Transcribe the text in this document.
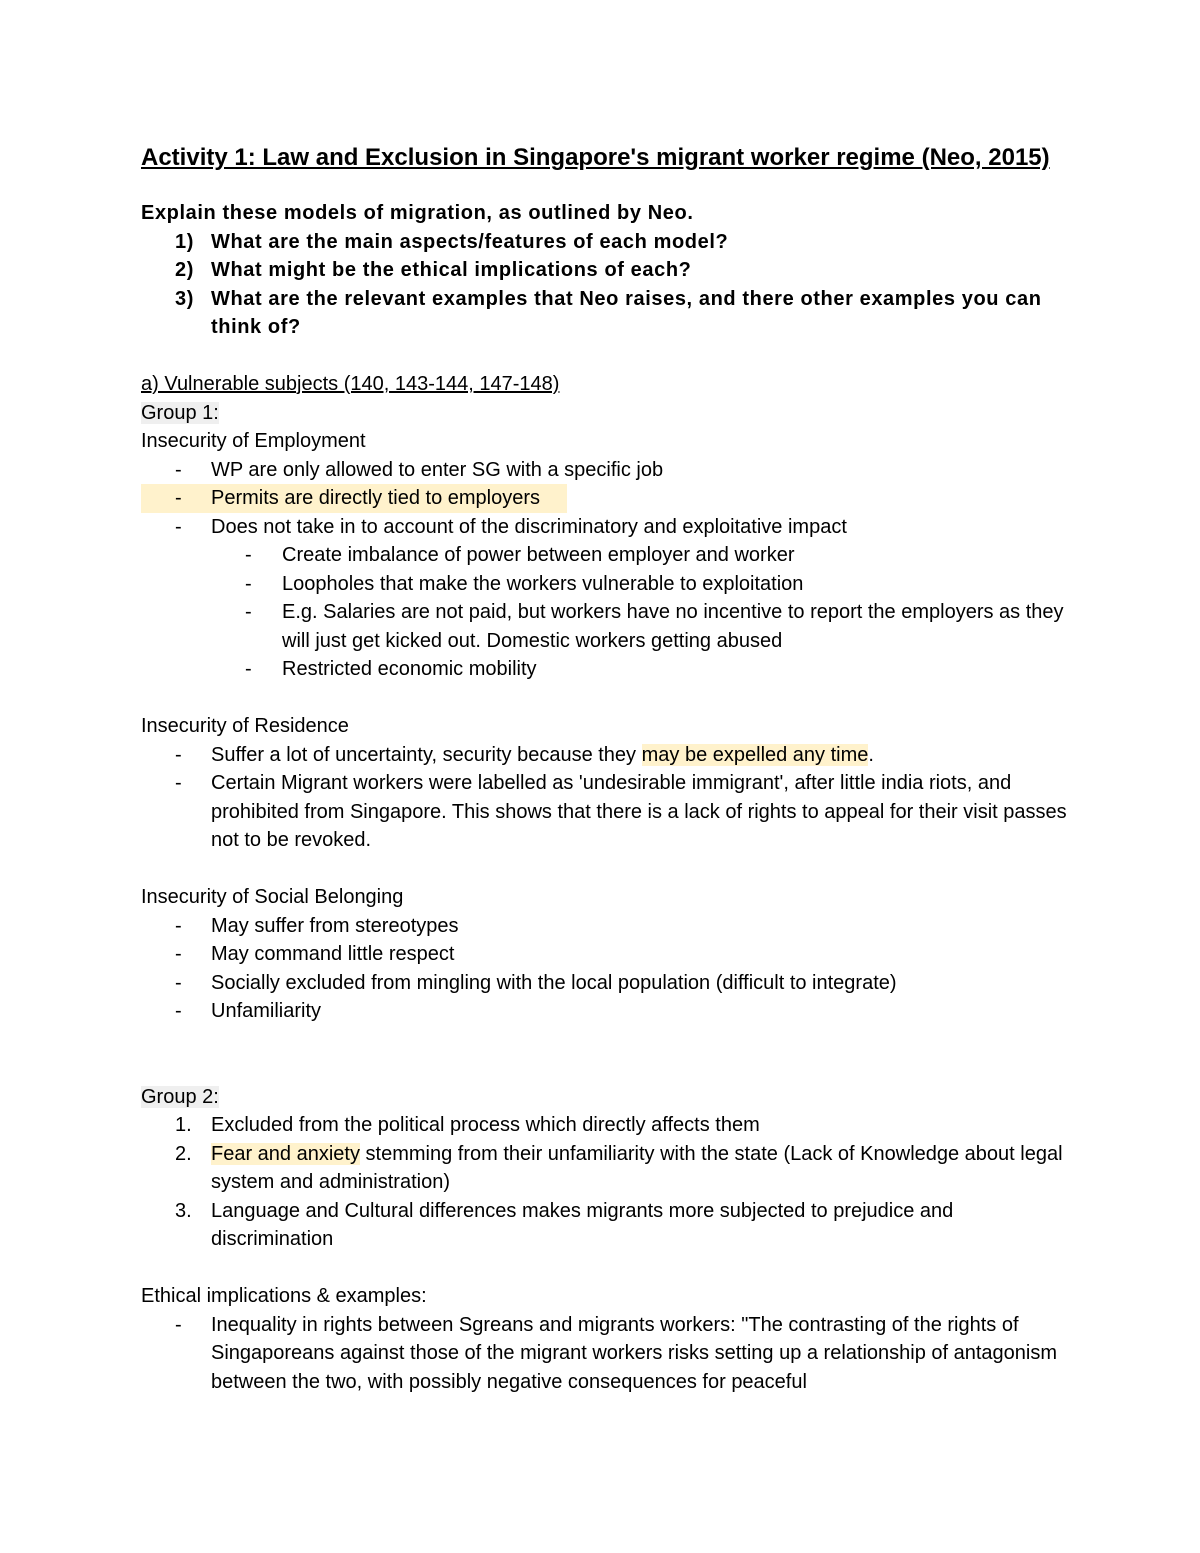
Activity 1: Law and Exclusion in Singapore's migrant worker regime (Neo, 2015)

Explain these models of migration, as outlined by Neo.

1) What are the main aspects/features of each model?
2) What might be the ethical implications of each?
3) What are the relevant examples that Neo raises, and there other examples you can think of?

a) Vulnerable subjects (140, 143-144, 147-148)

Group 1:

Insecurity of Employment

- WP are only allowed to enter SG with a specific job
- Permits are directly tied to employers
- Does not take in to account of the discriminatory and exploitative impact
- Create imbalance of power between employer and worker
- Loopholes that make the workers vulnerable to exploitation
- E.g. Salaries are not paid, but workers have no incentive to report the employers as they will just get kicked out. Domestic workers getting abused
- Restricted economic mobility

Insecurity of Residence

- Suffer a lot of uncertainty, security because they may be expelled any time.
- Certain Migrant workers were labelled as 'undesirable immigrant', after little india riots, and prohibited from Singapore. This shows that there is a lack of rights to appeal for their visit passes not to be revoked.

Insecurity of Social Belonging

- May suffer from stereotypes
- May command little respect
- Socially excluded from mingling with the local population (difficult to integrate)
- Unfamiliarity

Group 2:

1. Excluded from the political process which directly affects them
2. Fear and anxiety stemming from their unfamiliarity with the state (Lack of Knowledge about legal system and administration)
3. Language and Cultural differences makes migrants more subjected to prejudice and discrimination

Ethical implications & examples:

- Inequality in rights between Sgreans and migrants workers: "The contrasting of the rights of Singaporeans against those of the migrant workers risks setting up a relationship of antagonism between the two, with possibly negative consequences for peaceful
